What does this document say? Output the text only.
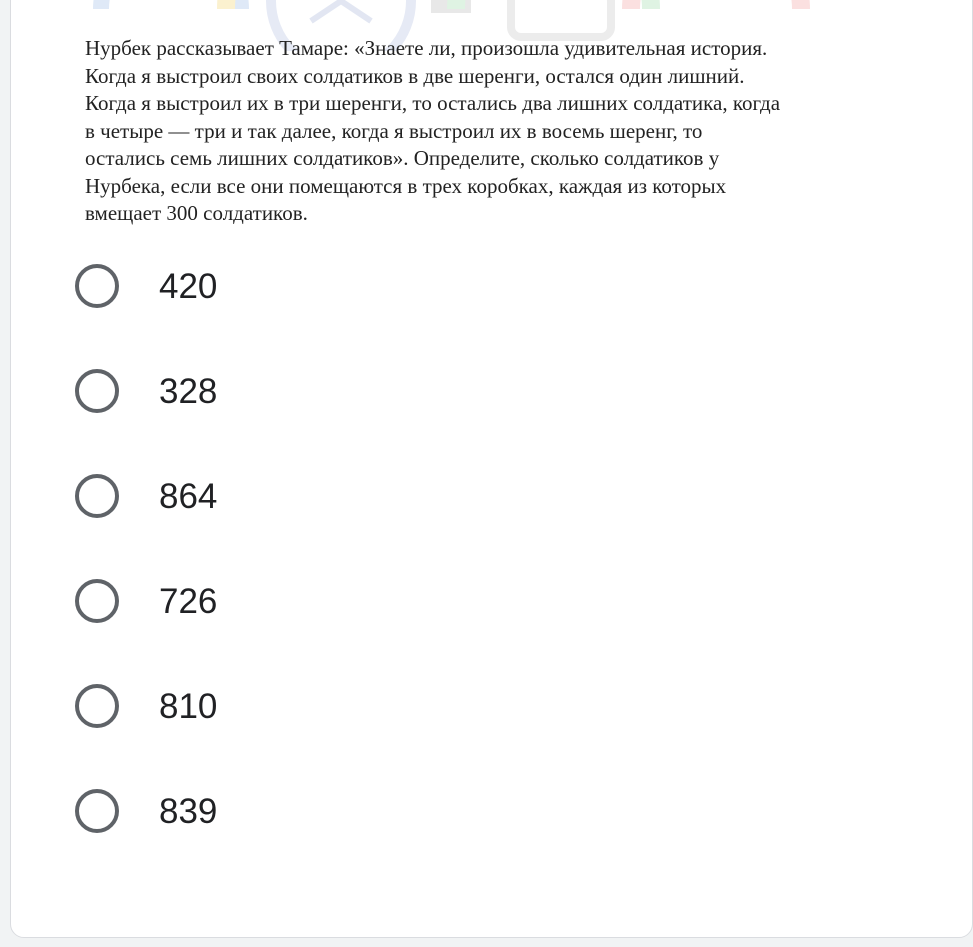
Нурбек рассказывает Тамаре: «Знаете ли, произошла удивительная история.
Когда я выстроил своих солдатиков в две шеренги, остался один лишний.
Когда я выстроил их в три шеренги, то остались два лишних солдатика, когда
в четыре — три и так далее, когда я выстроил их в восемь шеренг, то
остались семь лишних солдатиков». Определите, сколько солдатиков у
Нурбека, если все они помещаются в трех коробках, каждая из которых
вмещает 300 солдатиков.

420
328
864
726
810
839
